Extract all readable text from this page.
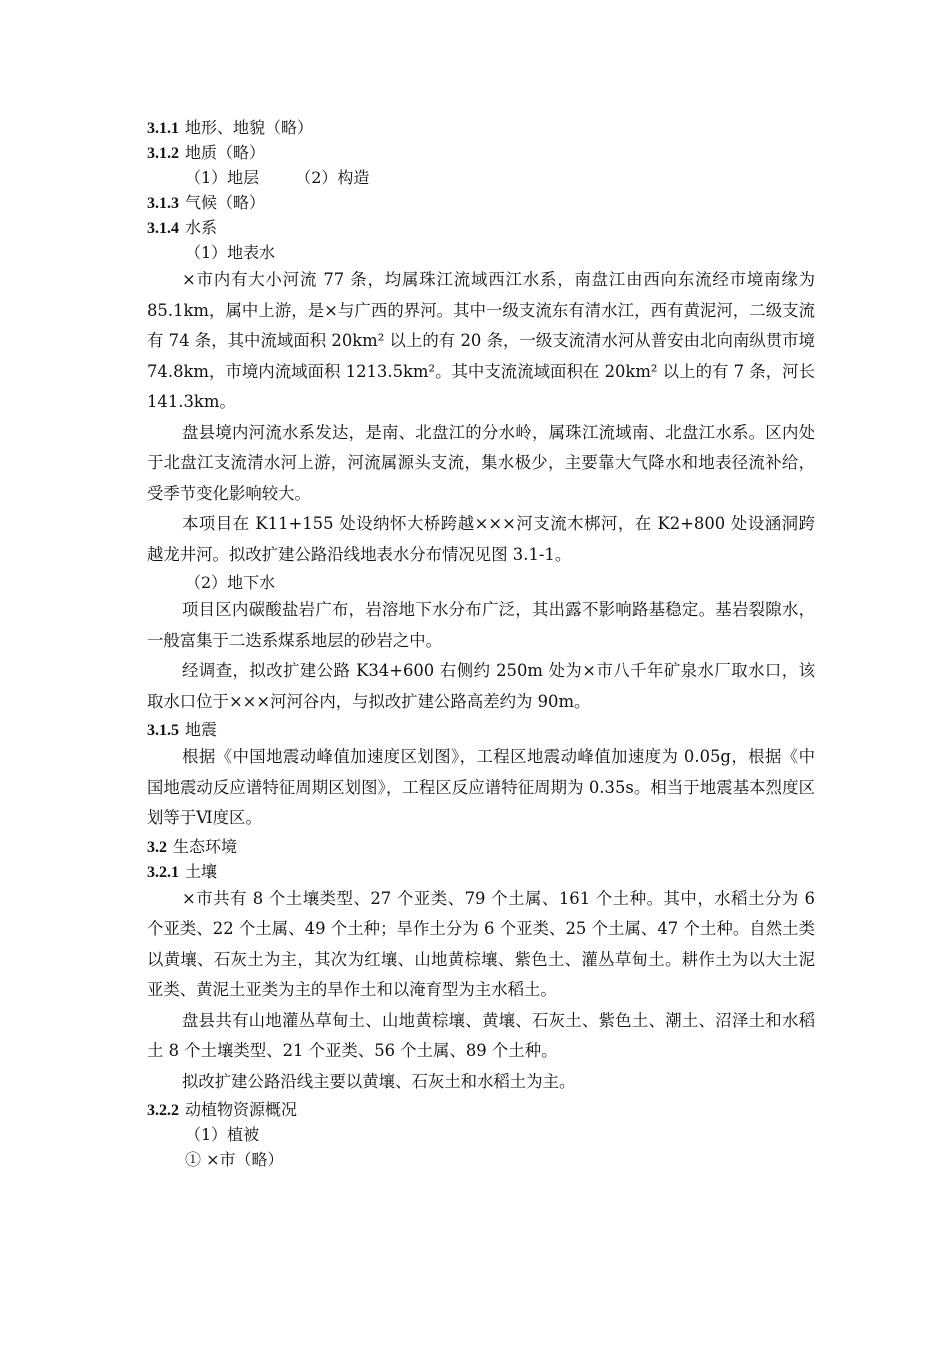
3.1.1 地形、地貌（略）
3.1.2 地质（略）
（1）地层 （2）构造
3.1.3 气候（略）
3.1.4 水系
（1）地表水

×市内有大小河流 77 条，均属珠江流域西江水系，南盘江由西向东流经市境南缘为 85.1km，属中上游，是×与广西的界河。其中一级支流东有清水江，西有黄泥河，二级支流有 74 条，其中流域面积 20km² 以上的有 20 条，一级支流清水河从普安由北向南纵贯市境 74.8km，市境内流域面积 1213.5km²。其中支流流域面积在 20km² 以上的有 7 条，河长 141.3km。

盘县境内河流水系发达，是南、北盘江的分水岭，属珠江流域南、北盘江水系。区内处于北盘江支流清水河上游，河流属源头支流，集水极少，主要靠大气降水和地表径流补给，受季节变化影响较大。

本项目在 K11+155 处设纳怀大桥跨越×××河支流木梆河，在 K2+800 处设涵洞跨越龙井河。拟改扩建公路沿线地表水分布情况见图 3.1-1。

（2）地下水

项目区内碳酸盐岩广布，岩溶地下水分布广泛，其出露不影响路基稳定。基岩裂隙水，一般富集于二迭系煤系地层的砂岩之中。

经调查，拟改扩建公路 K34+600 右侧约 250m 处为×市八千年矿泉水厂取水口，该取水口位于×××河河谷内，与拟改扩建公路高差约为 90m。

3.1.5 地震

根据《中国地震动峰值加速度区划图》，工程区地震动峰值加速度为 0.05g，根据《中国地震动反应谱特征周期区划图》，工程区反应谱特征周期为 0.35s。相当于地震基本烈度区划等于Ⅵ度区。

3.2 生态环境
3.2.1 土壤

×市共有 8 个土壤类型、27 个亚类、79 个土属、161 个土种。其中，水稻土分为 6 个亚类、22 个土属、49 个土种；旱作土分为 6 个亚类、25 个土属、47 个土种。自然土类以黄壤、石灰土为主，其次为红壤、山地黄棕壤、紫色土、灌丛草甸土。耕作土为以大土泥亚类、黄泥土亚类为主的旱作土和以淹育型为主水稻土。

盘县共有山地灌丛草甸土、山地黄棕壤、黄壤、石灰土、紫色土、潮土、沼泽土和水稻土 8 个土壤类型、21 个亚类、56 个土属、89 个土种。

拟改扩建公路沿线主要以黄壤、石灰土和水稻土为主。

3.2.2 动植物资源概况
（1）植被
① ×市（略）
